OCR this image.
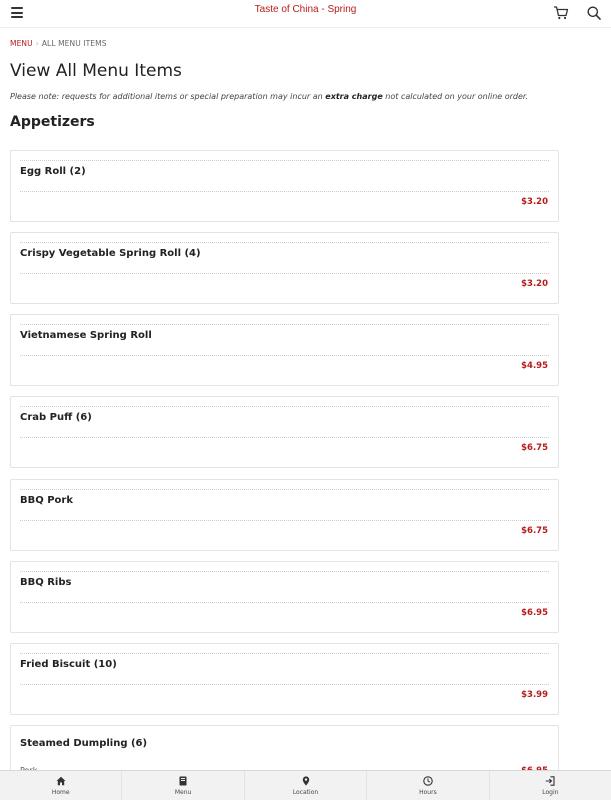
Taste of China - Spring
MENU › ALL MENU ITEMS
View All Menu Items
Please note: requests for additional items or special preparation may incur an extra charge not calculated on your online order.
Appetizers
Egg Roll (2)
$3.20
Crispy Vegetable Spring Roll (4)
$3.20
Vietnamese Spring Roll
$4.95
Crab Puff (6)
$6.75
BBQ Pork
$6.75
BBQ Ribs
$6.95
Fried Biscuit (10)
$3.99
Steamed Dumpling (6)
Home	Menu	Location	Hours	Login
